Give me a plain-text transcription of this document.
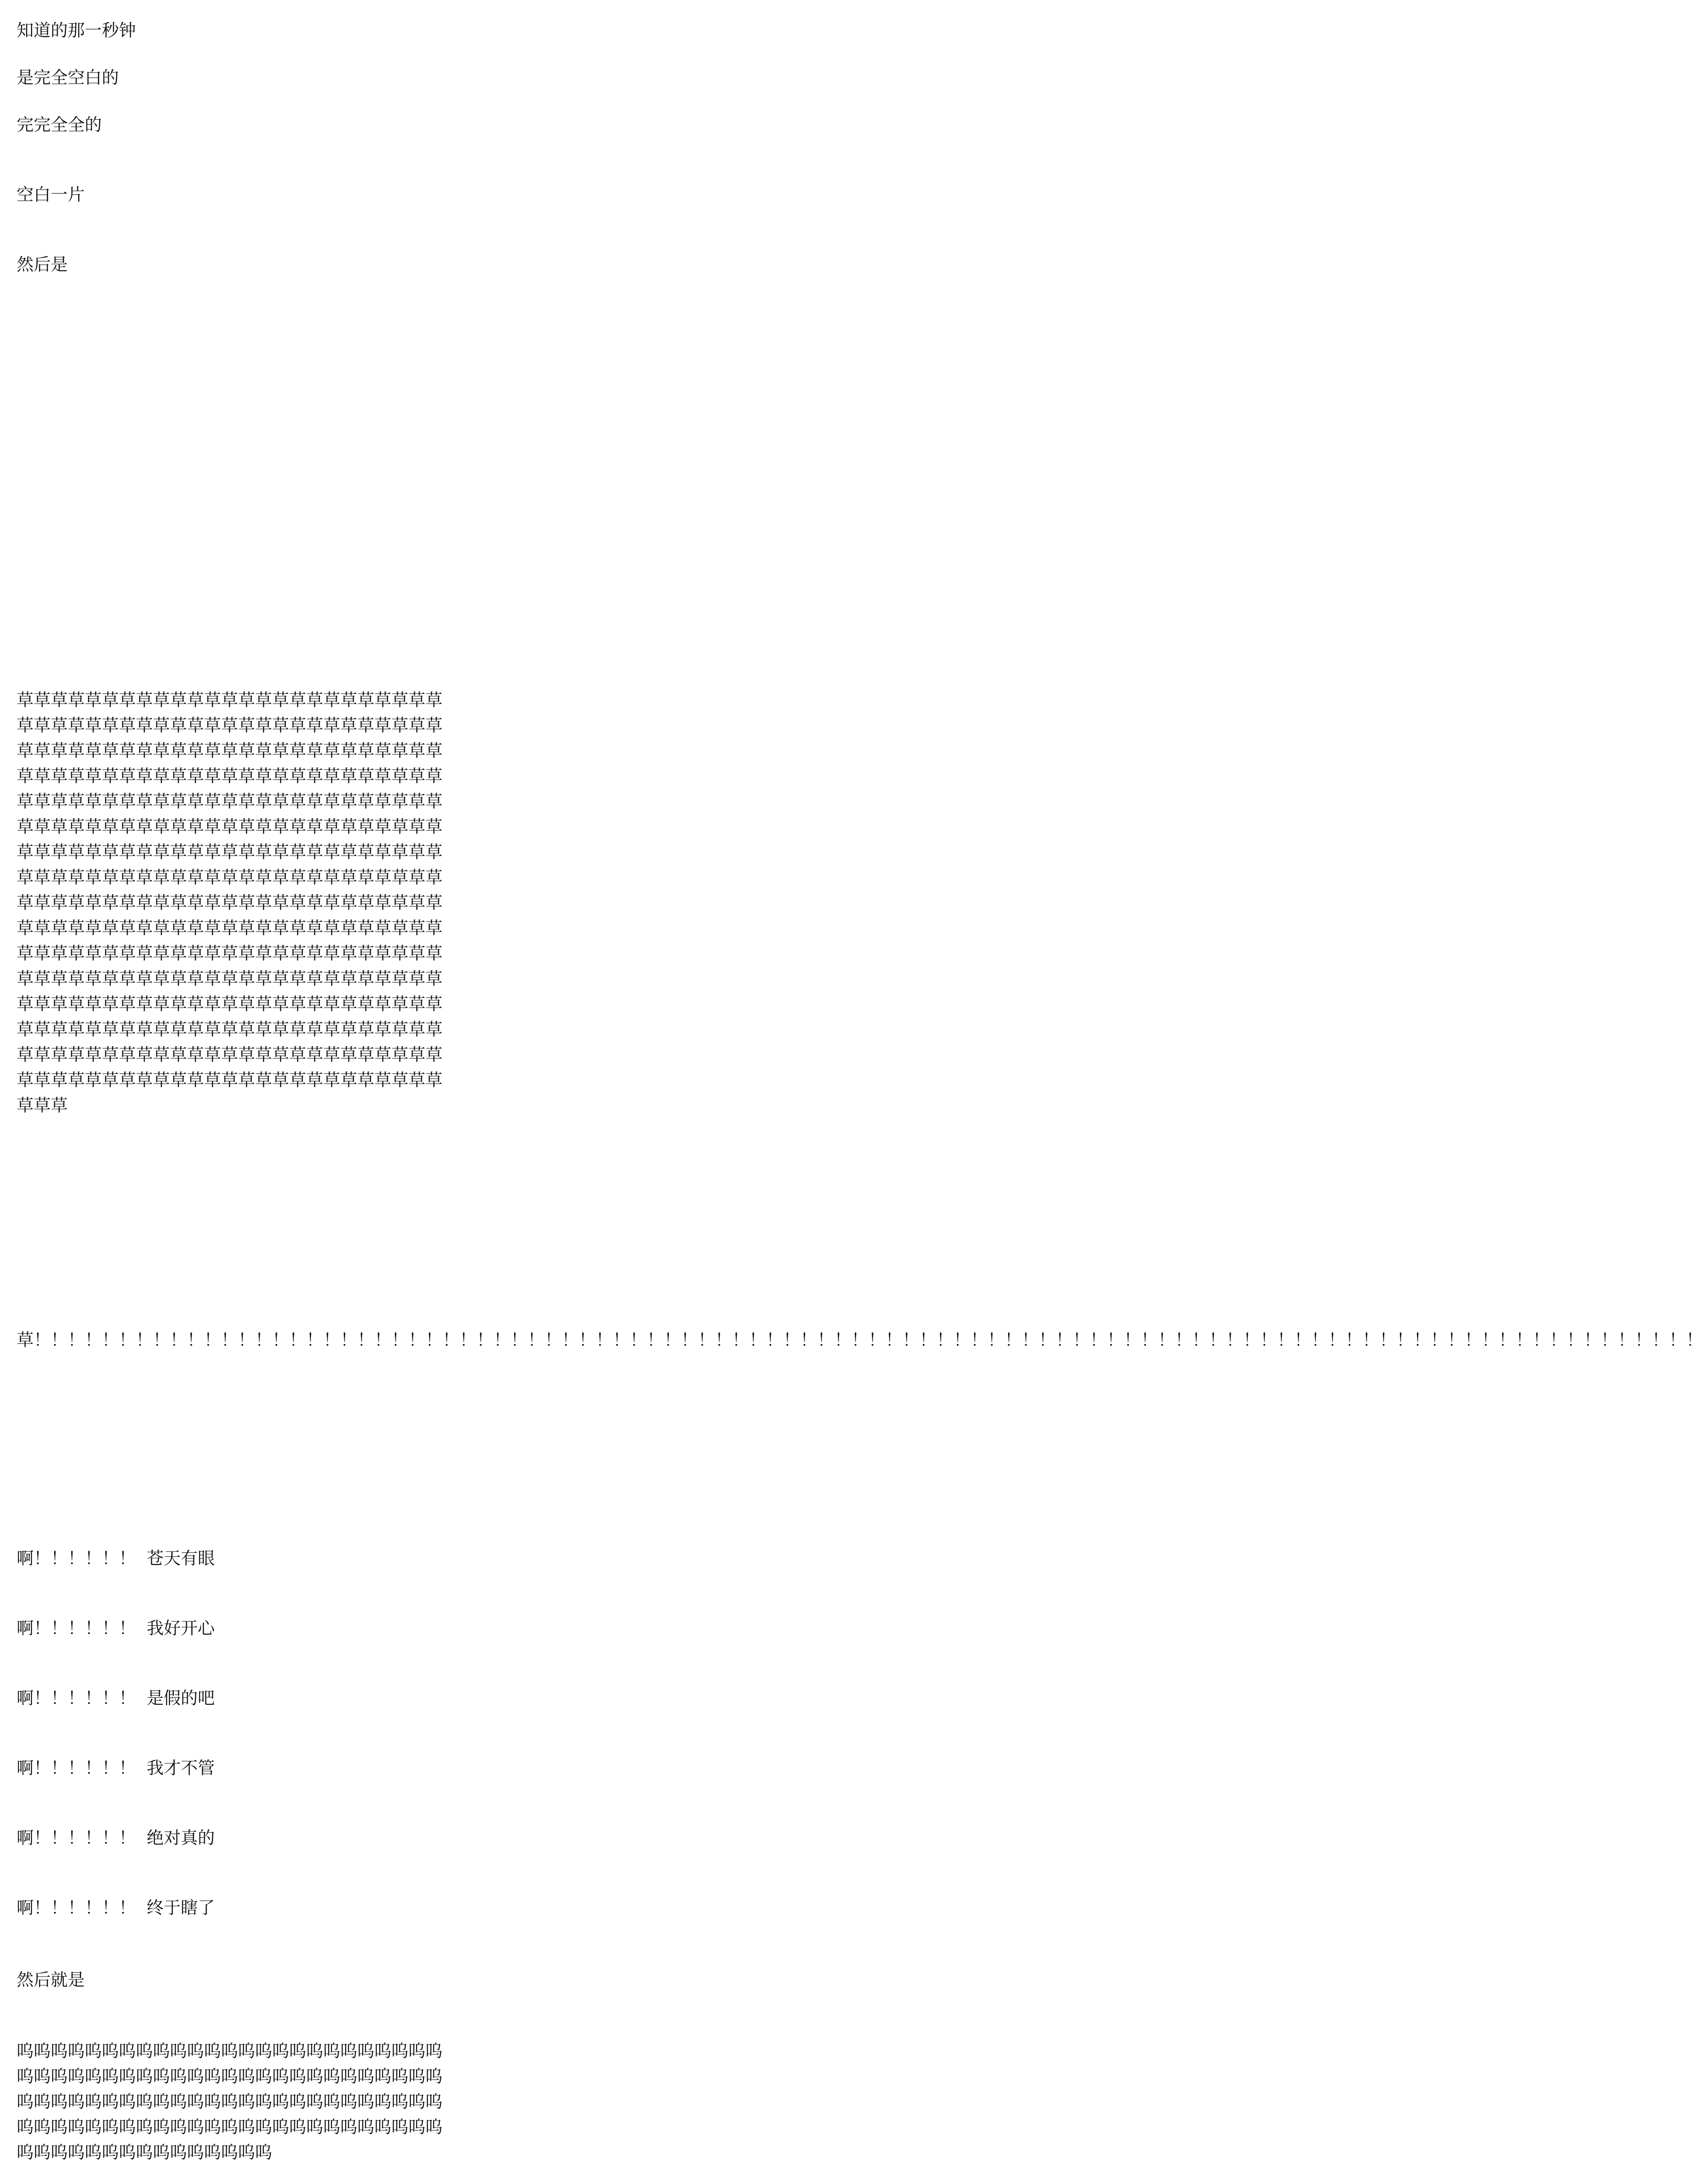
知道的那一秒钟
是完全空白的
完完全全的
空白一片
然后是
草草草草草草草草草草草草草草草草草草草草草草草草草草草草草草草草草草草草草草草草草草草草草草草草草草草草草草草草草草草草草草草草草草草草草草草草草草草草草草草草草草草草草草草草草草草草草草草草草草草草草草草草草草草草草草草草草草草草草草草草草草草草草草草草草草草草草草草草草草草草草草草草草草草草草草草草草草草草草草草草草草草草草草草草草草草草草草草草草草草草草草草草草草草草草草草草草草草草草草草草草草草草草草草草草草草草草草草草草草草草草草草草草草草草草草草草草草草草草草草草草草草草草草草草草草草草草草草草草草草草草草草草草草草草草草草草草草草草草草草草草草草草草草草草草草草草草草草草草草草草草草草草草草草草草草草草草草草草草草草草草草草草草草草草草草草草草草草草草草草草草草草草草草草草草草草草草草草草草草草草草草草草草草草草草草草草草草草草草草草草草草草草草草草草草草草草草草草草草草草草草草草
草！！！！！！！！！！！！！！！！！！！！！！！！！！！！！！！！！！！！！！！！！！！！！！！！！！！！！！！！！！！！！！！！！！！！！！！！！！！！！！！！！！！！！！！！！！！！！！！！！！
啊！！！！！！  苍天有眼
啊！！！！！！  我好开心
啊！！！！！！  是假的吧
啊！！！！！！  我才不管
啊！！！！！！  绝对真的
啊！！！！！！  终于瞎了
然后就是
呜呜呜呜呜呜呜呜呜呜呜呜呜呜呜呜呜呜呜呜呜呜呜呜呜呜呜呜呜呜呜呜呜呜呜呜呜呜呜呜呜呜呜呜呜呜呜呜呜呜呜呜呜呜呜呜呜呜呜呜呜呜呜呜呜呜呜呜呜呜呜呜呜呜呜呜呜呜呜呜呜呜呜呜呜呜呜呜呜呜呜呜呜呜呜呜呜呜呜呜呜呜呜呜呜呜呜呜呜呜呜呜呜呜呜
